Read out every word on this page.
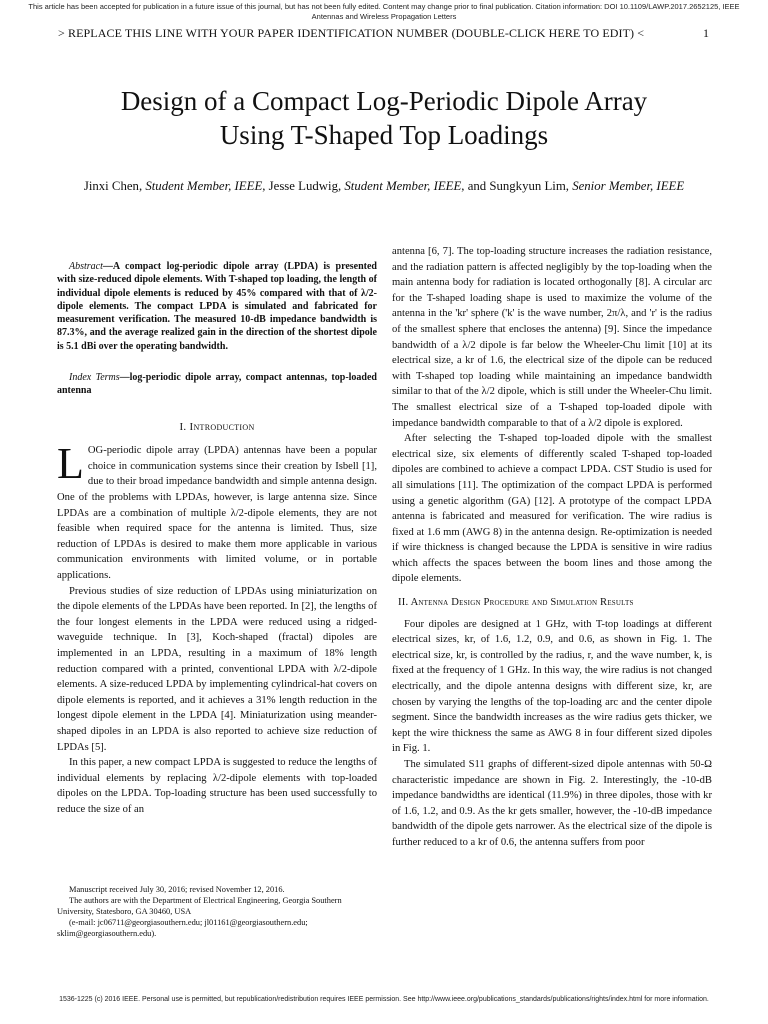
This article has been accepted for publication in a future issue of this journal, but has not been fully edited. Content may change prior to final publication. Citation information: DOI 10.1109/LAWP.2017.2652125, IEEE
Antennas and Wireless Propagation Letters
> REPLACE THIS LINE WITH YOUR PAPER IDENTIFICATION NUMBER (DOUBLE-CLICK HERE TO EDIT) <	1
Design of a Compact Log-Periodic Dipole Array
Using T-Shaped Top Loadings
Jinxi Chen, Student Member, IEEE, Jesse Ludwig, Student Member, IEEE, and Sungkyun Lim, Senior Member, IEEE

Abstract—A compact log-periodic dipole array (LPDA) is presented with size-reduced dipole elements. With T-shaped top loading, the length of individual dipole elements is reduced by 45% compared with that of λ/2-dipole elements. The compact LPDA is simulated and fabricated for measurement verification. The measured 10-dB impedance bandwidth is 87.3%, and the average realized gain in the direction of the shortest dipole is 5.1 dBi over the operating bandwidth.

Index Terms—log-periodic dipole array, compact antennas, top-loaded antenna

I. Introduction

LOG-periodic dipole array (LPDA) antennas have been a popular choice in communication systems since their creation by Isbell [1], due to their broad impedance bandwidth and simple antenna design. One of the problems with LPDAs, however, is large antenna size. Since LPDAs are a combination of multiple λ/2-dipole elements, they are not feasible when required space for the antenna is limited. Thus, size reduction of LPDAs is desired to make them more applicable in various communication environments with limited volume, or in portable applications.

Previous studies of size reduction of LPDAs using miniaturization on the dipole elements of the LPDAs have been reported. In [2], the lengths of the four longest elements in the LPDA were reduced using a ridged-waveguide technique. In [3], Koch-shaped (fractal) dipoles are implemented in an LPDA, resulting in a maximum of 18% length reduction compared with a printed, conventional LPDA with λ/2-dipole elements. A size-reduced LPDA by implementing cylindrical-hat covers on dipole elements is reported, and it achieves a 31% length reduction in the longest dipole element in the LPDA [4]. Miniaturization using meander-shaped dipoles in an LPDA is also reported to achieve size reduction of LPDAs [5].

In this paper, a new compact LPDA is suggested to reduce the lengths of individual elements by replacing λ/2-dipole elements with top-loaded dipoles on the LPDA. Top-loading structure has been used successfully to reduce the size of an

Manuscript received July 30, 2016; revised November 12, 2016.
The authors are with the Department of Electrical Engineering, Georgia Southern University, Statesboro, GA 30460, USA
(e-mail: jc06711@georgiasouthern.edu; jl01161@georgiasouthern.edu; sklim@georgiasouthern.edu).

antenna [6, 7]. The top-loading structure increases the radiation resistance, and the radiation pattern is affected negligibly by the top-loading when the main antenna body for radiation is located orthogonally [8]. A circular arc for the T-shaped loading shape is used to maximize the volume of the antenna in the 'kr' sphere ('k' is the wave number, 2π/λ, and 'r' is the radius of the smallest sphere that encloses the antenna) [9]. Since the impedance bandwidth of a λ/2 dipole is far below the Wheeler-Chu limit [10] at its electrical size, a kr of 1.6, the electrical size of the dipole can be reduced with T-shaped top loading while maintaining an impedance bandwidth similar to that of the λ/2 dipole, which is still under the Wheeler-Chu limit. The smallest electrical size of a T-shaped top-loaded dipole with impedance bandwidth comparable to that of a λ/2 dipole is explored.

After selecting the T-shaped top-loaded dipole with the smallest electrical size, six elements of differently scaled T-shaped top-loaded dipoles are combined to achieve a compact LPDA. CST Studio is used for all simulations [11]. The optimization of the compact LPDA is performed using a genetic algorithm (GA) [12]. A prototype of the compact LPDA antenna is fabricated and measured for verification. The wire radius is fixed at 1.6 mm (AWG 8) in the antenna design. Re-optimization is needed if wire thickness is changed because the LPDA is sensitive in wire radius which affects the spaces between the boom lines and those among the dipole elements.

II. Antenna Design Procedure and Simulation Results

Four dipoles are designed at 1 GHz, with T-top loadings at different electrical sizes, kr, of 1.6, 1.2, 0.9, and 0.6, as shown in Fig. 1. The electrical size, kr, is controlled by the radius, r, and the wave number, k, is fixed at the frequency of 1 GHz. In this way, the wire radius is not changed electrically, and the dipole antenna designs with different size, kr, are chosen by varying the lengths of the top-loading arc and the center dipole segment. Since the bandwidth increases as the wire radius gets thicker, we kept the wire thickness the same as AWG 8 in four different sized dipoles in Fig. 1.

The simulated S11 graphs of different-sized dipole antennas with 50-Ω characteristic impedance are shown in Fig. 2. Interestingly, the -10-dB impedance bandwidths are identical (11.9%) in three dipoles, those with kr of 1.6, 1.2, and 0.9. As the kr gets smaller, however, the -10-dB impedance bandwidth of the dipole gets narrower. As the electrical size of the dipole is further reduced to a kr of 0.6, the antenna suffers from poor

1536-1225 (c) 2016 IEEE. Personal use is permitted, but republication/redistribution requires IEEE permission. See http://www.ieee.org/publications_standards/publications/rights/index.html for more information.
